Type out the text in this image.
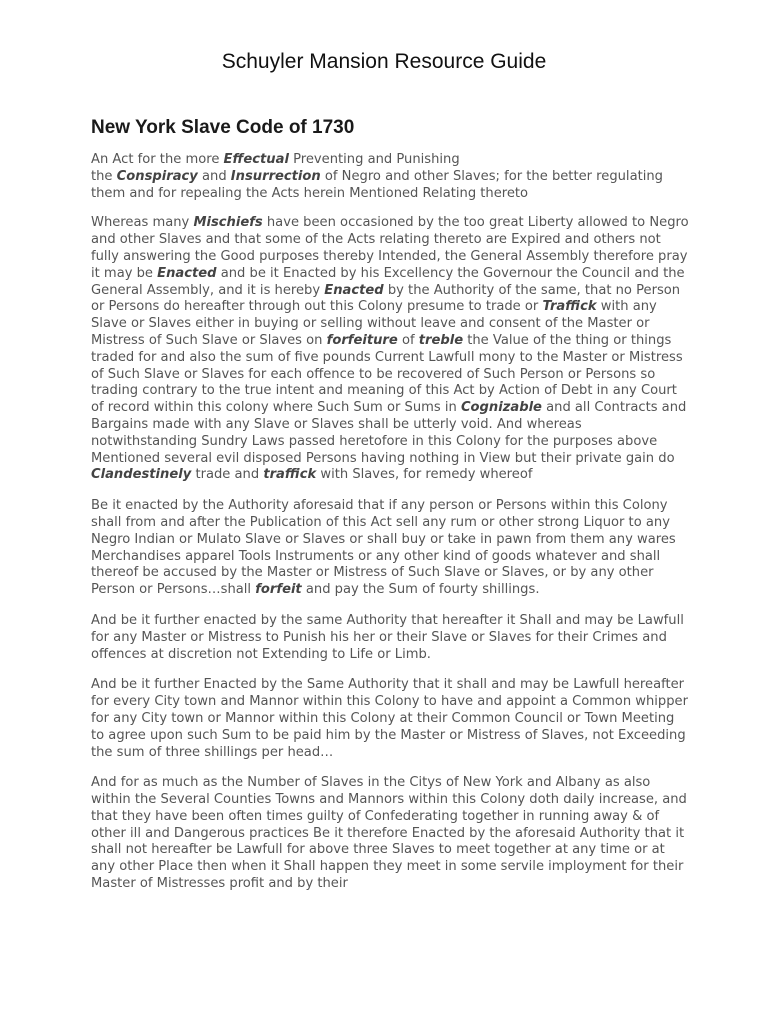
Schuyler Mansion Resource Guide
New York Slave Code of 1730

An Act for the more Effectual Preventing and Punishing
the Conspiracy and Insurrection of Negro and other Slaves; for the better regulating them and for repealing the Acts herein Mentioned Relating thereto

Whereas many Mischiefs have been occasioned by the too great Liberty allowed to Negro and other Slaves and that some of the Acts relating thereto are Expired and others not fully answering the Good purposes thereby Intended, the General Assembly therefore pray it may be Enacted and be it Enacted by his Excellency the Governour the Council and the General Assembly, and it is hereby Enacted by the Authority of the same, that no Person or Persons do hereafter through out this Colony presume to trade or Traffick with any Slave or Slaves either in buying or selling without leave and consent of the Master or Mistress of Such Slave or Slaves on forfeiture of treble the Value of the thing or things traded for and also the sum of five pounds Current Lawfull mony to the Master or Mistress of Such Slave or Slaves for each offence to be recovered of Such Person or Persons so trading contrary to the true intent and meaning of this Act by Action of Debt in any Court of record within this colony where Such Sum or Sums in Cognizable and all Contracts and Bargains made with any Slave or Slaves shall be utterly void. And whereas notwithstanding Sundry Laws passed heretofore in this Colony for the purposes above Mentioned several evil disposed Persons having nothing in View but their private gain do Clandestinely trade and traffick with Slaves, for remedy whereof

Be it enacted by the Authority aforesaid that if any person or Persons within this Colony shall from and after the Publication of this Act sell any rum or other strong Liquor to any Negro Indian or Mulato Slave or Slaves or shall buy or take in pawn from them any wares Merchandises apparel Tools Instruments or any other kind of goods whatever and shall thereof be accused by the Master or Mistress of Such Slave or Slaves, or by any other Person or Persons…shall forfeit and pay the Sum of fourty shillings.

And be it further enacted by the same Authority that hereafter it Shall and may be Lawfull for any Master or Mistress to Punish his her or their Slave or Slaves for their Crimes and offences at discretion not Extending to Life or Limb.

And be it further Enacted by the Same Authority that it shall and may be Lawfull hereafter for every City town and Mannor within this Colony to have and appoint a Common whipper for any City town or Mannor within this Colony at their Common Council or Town Meeting to agree upon such Sum to be paid him by the Master or Mistress of Slaves, not Exceeding the sum of three shillings per head…

And for as much as the Number of Slaves in the Citys of New York and Albany as also within the Several Counties Towns and Mannors within this Colony doth daily increase, and that they have been often times guilty of Confederating together in running away & of other ill and Dangerous practices Be it therefore Enacted by the aforesaid Authority that it shall not hereafter be Lawfull for above three Slaves to meet together at any time or at any other Place then when it Shall happen they meet in some servile imployment for their Master of Mistresses profit and by their
